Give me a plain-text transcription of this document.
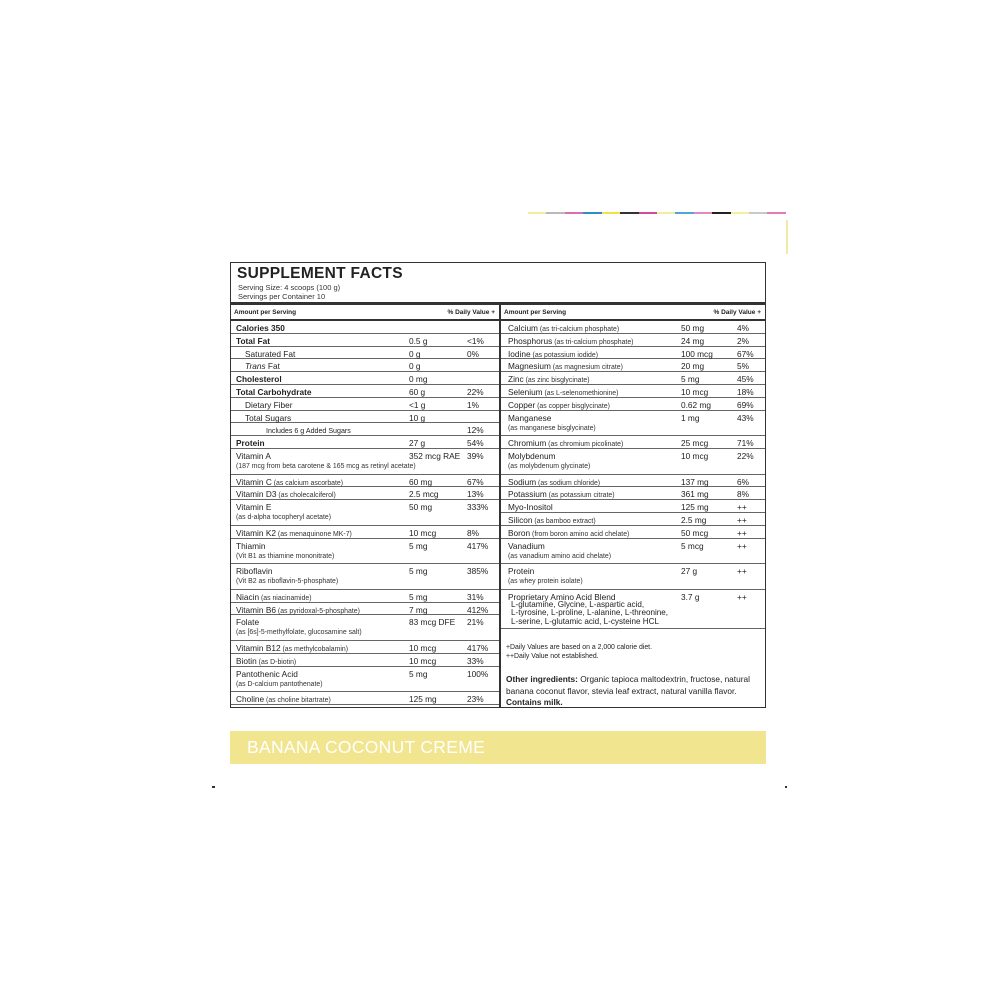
SUPPLEMENT FACTS
Serving Size: 4 scoops (100 g)
Servings per Container 10
Amount per Serving	% Daily Value +
Calories 350
Total Fat	0.5 g	<1%
Saturated Fat	0 g	0%
Trans Fat	0 g
Cholesterol	0 mg
Total Carbohydrate	60 g	22%
Dietary Fiber	<1 g	1%
Total Sugars	10 g
Includes 6 g Added Sugars	12%
Protein	27 g	54%
Vitamin A	352 mcg RAE 39%
(187 mcg from beta carotene & 165 mcg as retinyl acetate)
Vitamin C (as calcium ascorbate)	60 mg	67%
Vitamin D3 (as cholecalciferol)	2.5 mcg	13%
Vitamin E	50 mg	333%
(as d-alpha tocopheryl acetate)
Vitamin K2 (as menaquinone MK-7)	10 mcg	8%
Thiamin	5 mg	417%
(Vit B1 as thiamine mononitrate)
Riboflavin	5 mg	385%
(Vit B2 as riboflavin-5-phosphate)
Niacin (as niacinamide)	5 mg	31%
Vitamin B6 (as pyridoxal-5-phosphate)	7 mg	412%
Folate	83 mcg DFE 21%
(as [6s]-5-methylfolate, glucosamine salt)
Vitamin B12 (as methylcobalamin)	10 mcg	417%
Biotin (as D-biotin)	10 mcg	33%
Pantothenic Acid	5 mg	100%
(as D-calcium pantothenate)
Choline (as choline bitartrate)	125 mg	23%
Amount per Serving	% Daily Value +
Calcium (as tri-calcium phosphate)	50 mg	4%
Phosphorus (as tri-calcium phosphate)	24 mg	2%
Iodine (as potassium iodide)	100 mcg	67%
Magnesium (as magnesium citrate)	20 mg	5%
Zinc (as zinc bisglycinate)	5 mg	45%
Selenium (as L-selenomethionine)	10 mcg	18%
Copper (as copper bisglycinate)	0.62 mg	69%
Manganese	1 mg	43%
(as manganese bisglycinate)
Chromium (as chromium picolinate)	25 mcg	71%
Molybdenum	10 mcg	22%
(as molybdenum glycinate)
Sodium (as sodium chloride)	137 mg	6%
Potassium (as potassium citrate)	361 mg	8%
Myo-Inositol	125 mg	++
Silicon (as bamboo extract)	2.5 mg	++
Boron (from boron amino acid chelate)	50 mcg	++
Vanadium	5 mcg	++
(as vanadium amino acid chelate)
Protein	27 g	++
(as whey protein isolate)
Proprietary Amino Acid Blend	3.7 g	++
L-glutamine, Glycine, L-aspartic acid,
L-tyrosine, L-proline, L-alanine, L-threonine,
L-serine, L-glutamic acid, L-cysteine HCL
+Daily Values are based on a 2,000 calorie diet.
++Daily Value not established.
Other ingredients: Organic tapioca maltodextrin, fructose, natural banana coconut flavor, stevia leaf extract, natural vanilla flavor. Contains milk.
BANANA COCONUT CREME
